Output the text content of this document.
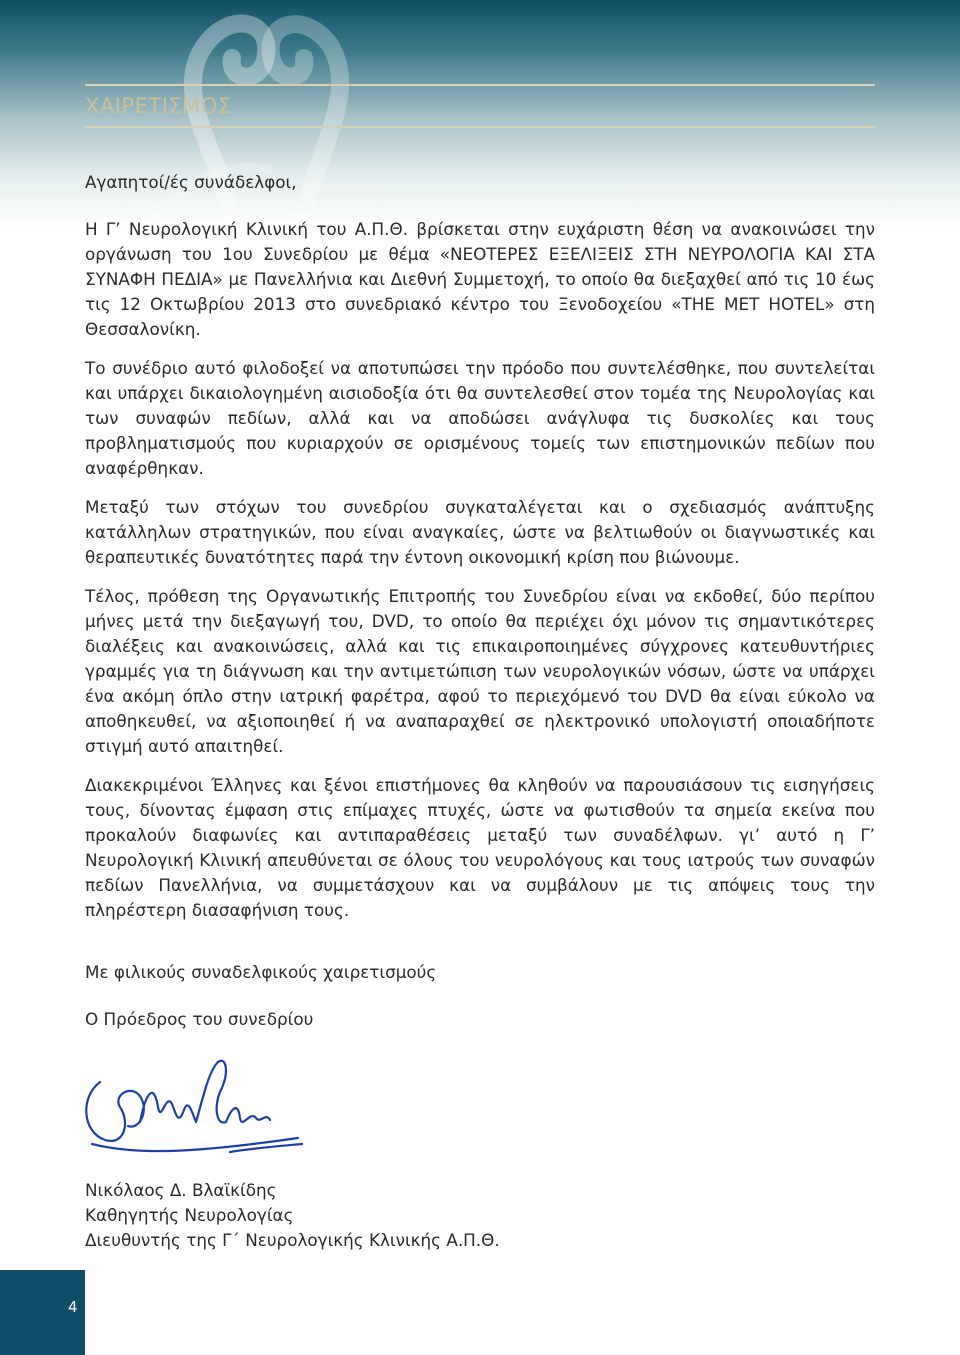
ΧΑΙΡΕΤΙΣΜΟΣ

Αγαπητοί/ές συνάδελφοι,

Η Γ’ Νευρολογική Κλινική του Α.Π.Θ. βρίσκεται στην ευχάριστη θέση να ανακοινώσει την οργάνωση του 1ου Συνεδρίου με θέμα «ΝΕΟΤΕΡΕΣ ΕΞΕΛΙΞΕΙΣ ΣΤΗ ΝΕΥΡΟΛΟΓΙΑ ΚΑΙ ΣΤΑ ΣΥΝΑΦΗ ΠΕΔΙΑ» με Πανελλήνια και Διεθνή Συμμετοχή, το οποίο θα διεξαχθεί από τις 10 έως τις 12 Οκτωβρίου 2013 στο συνεδριακό κέντρο του Ξενοδοχείου «THE MET HOTEL» στη Θεσσαλονίκη.

Το συνέδριο αυτό φιλοδοξεί να αποτυπώσει την πρόοδο που συντελέσθηκε, που συντελείται και υπάρχει δικαιολογημένη αισιοδοξία ότι θα συντελεσθεί στον τομέα της Νευρολογίας και των συναφών πεδίων, αλλά και να αποδώσει ανάγλυφα τις δυσκολίες και τους προβληματισμούς που κυριαρχούν σε ορισμένους τομείς των επιστημονικών πεδίων που αναφέρθηκαν.

Μεταξύ των στόχων του συνεδρίου συγκαταλέγεται και ο σχεδιασμός ανάπτυξης κατάλληλων στρατηγικών, που είναι αναγκαίες, ώστε να βελτιωθούν οι διαγνωστικές και θεραπευτικές δυνατότητες παρά την έντονη οικονομική κρίση που βιώνουμε.

Τέλος, πρόθεση της Οργανωτικής Επιτροπής του Συνεδρίου είναι να εκδοθεί, δύο περίπου μήνες μετά την διεξαγωγή του, DVD, το οποίο θα περιέχει όχι μόνον τις σημαντικότερες διαλέξεις και ανακοινώσεις, αλλά και τις επικαιροποιημένες σύγχρονες κατευθυντήριες γραμμές για τη διάγνωση και την αντιμετώπιση των νευρολογικών νόσων, ώστε να υπάρχει ένα ακόμη όπλο στην ιατρική φαρέτρα, αφού το περιεχόμενό του DVD θα είναι εύκολο να αποθηκευθεί, να αξιοποιηθεί ή να αναπαραχθεί σε ηλεκτρονικό υπολογιστή οποιαδήποτε στιγμή αυτό απαιτηθεί.

Διακεκριμένοι Έλληνες και ξένοι επιστήμονες θα κληθούν να παρουσιάσουν τις εισηγήσεις τους, δίνοντας έμφαση στις επίμαχες πτυχές, ώστε να φωτισθούν τα σημεία εκείνα που προκαλούν διαφωνίες και αντιπαραθέσεις μεταξύ των συναδέλφων. γι’ αυτό η Γ’ Νευρολογική Κλινική απευθύνεται σε όλους του νευρολόγους και τους ιατρούς των συναφών πεδίων Πανελλήνια, να συμμετάσχουν και να συμβάλουν με τις απόψεις τους την πληρέστερη διασαφήνιση τους.

Με φιλικούς συναδελφικούς χαιρετισμούς

Ο Πρόεδρος του συνεδρίου

Νικόλαος Δ. Βλαϊκίδης
Καθηγητής Νευρολογίας
Διευθυντής της Γ΄ Νευρολογικής Κλινικής Α.Π.Θ.
4
